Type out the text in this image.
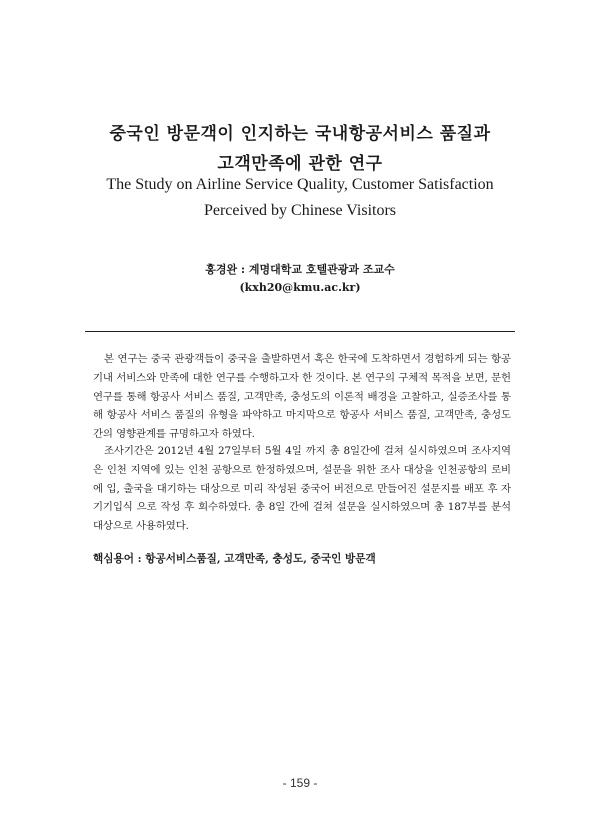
중국인 방문객이 인지하는 국내항공서비스 품질과
고객만족에 관한 연구
The Study on Airline Service Quality, Customer Satisfaction
Perceived by Chinese Visitors
홍경완 : 계명대학교 호텔관광과 조교수
(kxh20@kmu.ac.kr)

본 연구는 중국 관광객들이 중국을 출발하면서 혹은 한국에 도착하면서 경험하게 되는 항공기내 서비스와 만족에 대한 연구를 수행하고자 한 것이다. 본 연구의 구체적 목적을 보면, 문헌연구를 통해 항공사 서비스 품질, 고객만족, 충성도의 이론적 배경을 고찰하고, 실증조사를 통해 항공사 서비스 품질의 유형을 파악하고 마지막으로 항공사 서비스 품질, 고객만족, 충성도간의 영향관계를 규명하고자 하였다.

조사기간은 2012년 4월 27일부터 5월 4일 까지 총 8일간에 걸쳐 실시하였으며 조사지역은 인천 지역에 있는 인천 공항으로 한정하였으며, 설문을 위한 조사 대상을 인천공항의 로비에 입, 출국을 대기하는 대상으로 미리 작성된 중국어 버전으로 만들어진 설문지를 배포 후 자기기입식 으로 작성 후 회수하였다. 총 8일 간에 걸쳐 설문을 실시하였으며 총 187부를 분석대상으로 사용하였다.

핵심용어 : 항공서비스품질, 고객만족, 충성도, 중국인 방문객
- 159 -
